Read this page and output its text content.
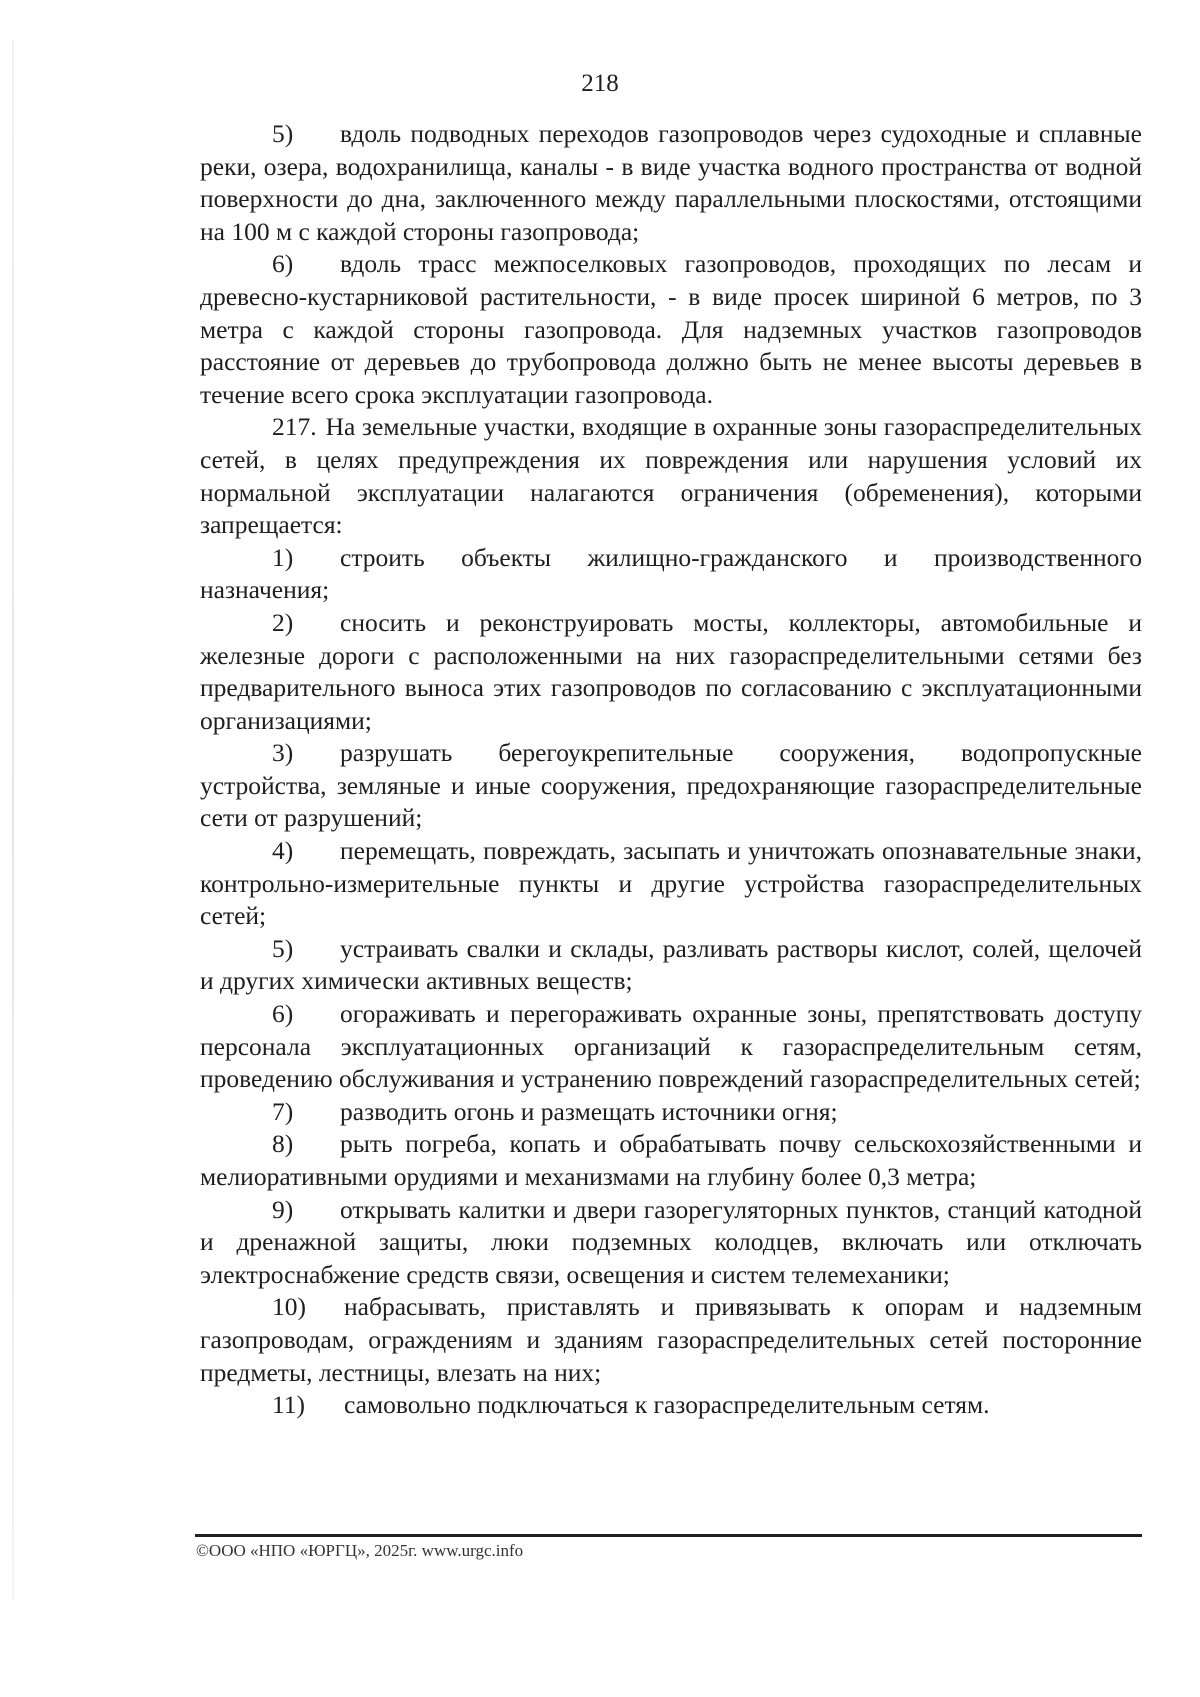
218

5) вдоль подводных переходов газопроводов через судоходные и сплавные реки, озера, водохранилища, каналы - в виде участка водного пространства от водной поверхности до дна, заключенного между параллельными плоскостями, отстоящими на 100 м с каждой стороны газопровода;

6) вдоль трасс межпоселковых газопроводов, проходящих по лесам и древесно-кустарниковой растительности, - в виде просек шириной 6 метров, по 3 метра с каждой стороны газопровода. Для надземных участков газопроводов расстояние от деревьев до трубопровода должно быть не менее высоты деревьев в течение всего срока эксплуатации газопровода.

217. На земельные участки, входящие в охранные зоны газораспределительных сетей, в целях предупреждения их повреждения или нарушения условий их нормальной эксплуатации налагаются ограничения (обременения), которыми запрещается:

1) строить объекты жилищно-гражданского и производственного назначения;

2) сносить и реконструировать мосты, коллекторы, автомобильные и железные дороги с расположенными на них газораспределительными сетями без предварительного выноса этих газопроводов по согласованию с эксплуатационными организациями;

3) разрушать берегоукрепительные сооружения, водопропускные устройства, земляные и иные сооружения, предохраняющие газораспределительные сети от разрушений;

4) перемещать, повреждать, засыпать и уничтожать опознавательные знаки, контрольно-измерительные пункты и другие устройства газораспределительных сетей;

5) устраивать свалки и склады, разливать растворы кислот, солей, щелочей и других химически активных веществ;

6) огораживать и перегораживать охранные зоны, препятствовать доступу персонала эксплуатационных организаций к газораспределительным сетям, проведению обслуживания и устранению повреждений газораспределительных сетей;

7) разводить огонь и размещать источники огня;

8) рыть погреба, копать и обрабатывать почву сельскохозяйственными и мелиоративными орудиями и механизмами на глубину более 0,3 метра;

9) открывать калитки и двери газорегуляторных пунктов, станций катодной и дренажной защиты, люки подземных колодцев, включать или отключать электроснабжение средств связи, освещения и систем телемеханики;

10) набрасывать, приставлять и привязывать к опорам и надземным газопроводам, ограждениям и зданиям газораспределительных сетей посторонние предметы, лестницы, влезать на них;

11) самовольно подключаться к газораспределительным сетям.

©ООО «НПО «ЮРГЦ», 2025г. www.urgc.info
